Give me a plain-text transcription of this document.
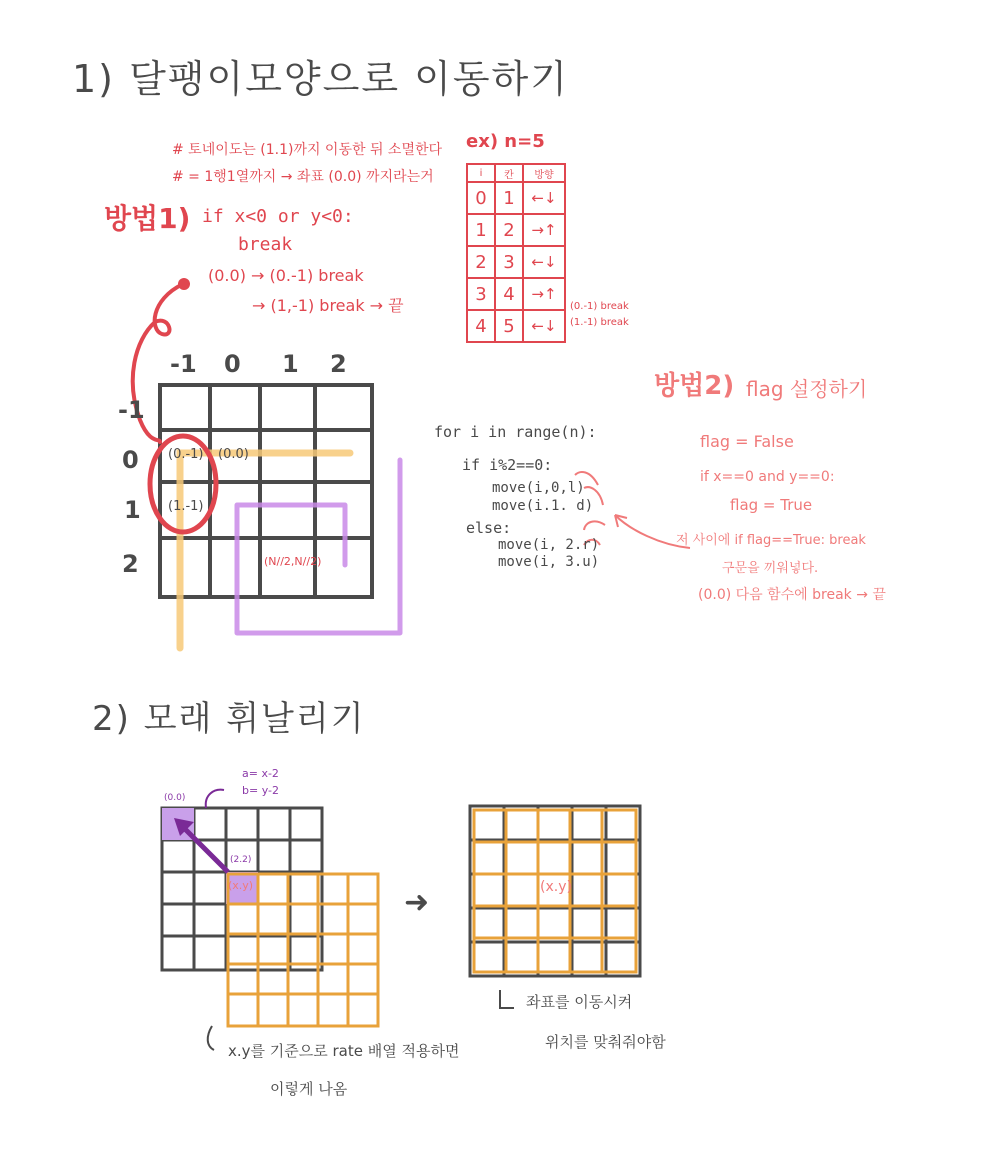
1) 달팽이모양으로 이동하기
# 토네이도는 (1.1)까지 이동한 뒤 소멸한다
# = 1행1열까지 → 좌표 (0.0) 까지라는거
방법1) if x<0 or y<0:
break
(0.0) → (0.-1) break
→ (1,-1) break → 끝
-1 0 1 2
-1
0
1
2
(0.-1) (0.0)
(1.-1)
(N//2,N//2)
ex) n=5
i	칸	방향
0	1	←↓
1	2	→↑
2	3	←↓
3	4	→↑
4	5	←↓
(0.-1) break
(1.-1) break
for i in range(n):
if i%2==0:
move(i,0,l)
move(i.1. d)
else:
move(i, 2.r)
move(i, 3.u)
방법2) flag 설정하기
flag = False
if x==0 and y==0:
flag = True
저 사이에 if flag==True: break
구문을 끼워넣다.
(0.0) 다음 함수에 break → 끝
2) 모래 휘날리기
a= x-2
b= y-2
(0.0)
(2.2)
(x.y)	➜	(x.y)
x.y를 기준으로 rate 배열 적용하면
이렇게 나옴
좌표를 이동시켜
위치를 맞춰줘야함
